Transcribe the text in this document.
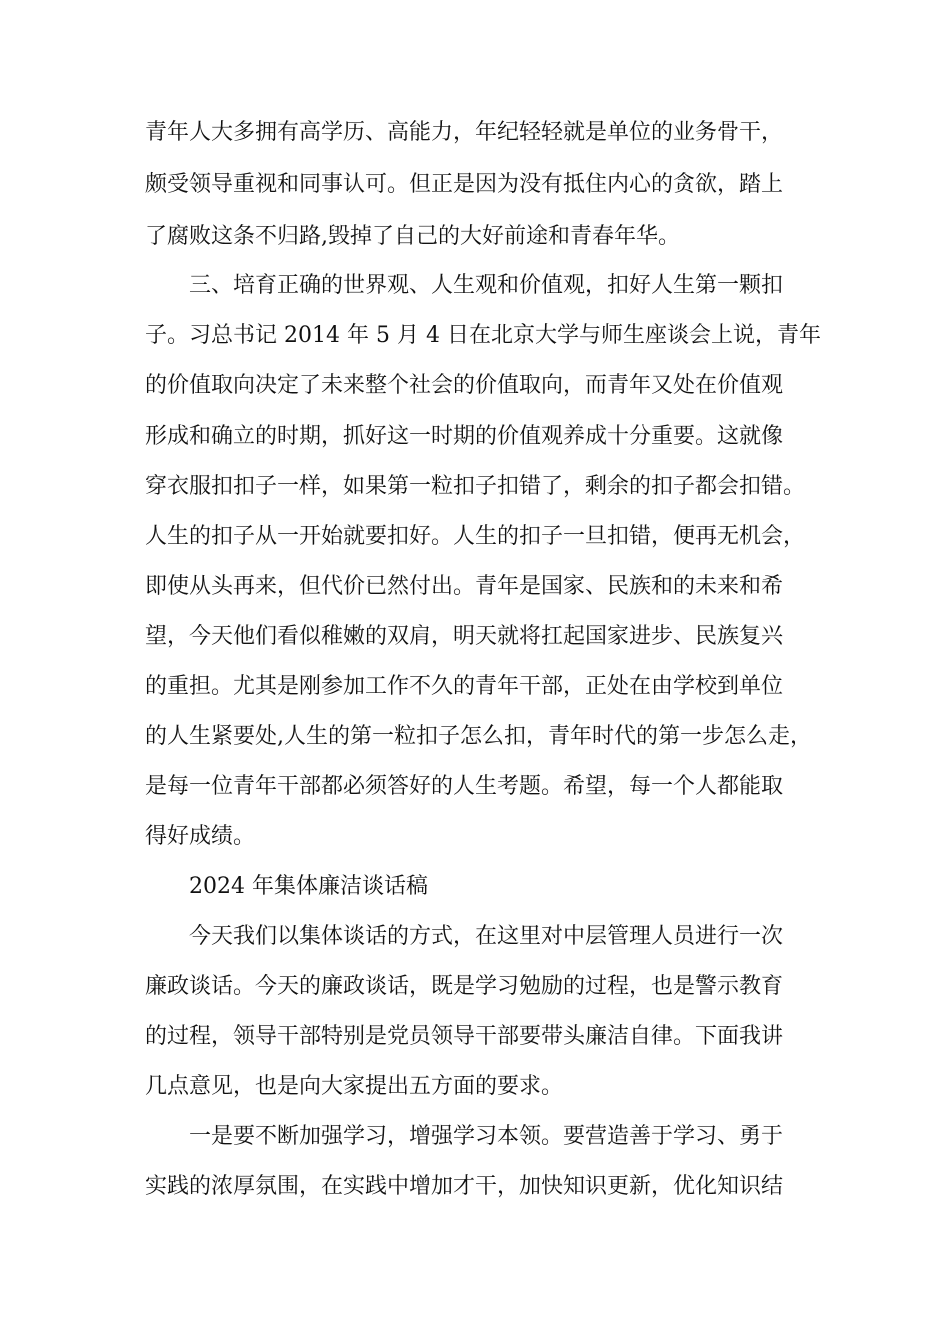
青年人大多拥有高学历、高能力，年纪轻轻就是单位的业务骨干，
颇受领导重视和同事认可。但正是因为没有抵住内心的贪欲，踏上
了腐败这条不归路,毁掉了自己的大好前途和青春年华。
三、培育正确的世界观、人生观和价值观，扣好人生第一颗扣
子。习总书记 2014 年 5 月 4 日在北京大学与师生座谈会上说，青年
的价值取向决定了未来整个社会的价值取向，而青年又处在价值观
形成和确立的时期，抓好这一时期的价值观养成十分重要。这就像
穿衣服扣扣子一样，如果第一粒扣子扣错了，剩余的扣子都会扣错。
人生的扣子从一开始就要扣好。人生的扣子一旦扣错，便再无机会，
即使从头再来，但代价已然付出。青年是国家、民族和的未来和希
望，今天他们看似稚嫩的双肩，明天就将扛起国家进步、民族复兴
的重担。尤其是刚参加工作不久的青年干部，正处在由学校到单位
的人生紧要处,人生的第一粒扣子怎么扣，青年时代的第一步怎么走，
是每一位青年干部都必须答好的人生考题。希望，每一个人都能取
得好成绩。
2024 年集体廉洁谈话稿
今天我们以集体谈话的方式，在这里对中层管理人员进行一次
廉政谈话。今天的廉政谈话，既是学习勉励的过程，也是警示教育
的过程，领导干部特别是党员领导干部要带头廉洁自律。下面我讲
几点意见，也是向大家提出五方面的要求。
一是要不断加强学习，增强学习本领。要营造善于学习、勇于
实践的浓厚氛围，在实践中增加才干，加快知识更新，优化知识结
